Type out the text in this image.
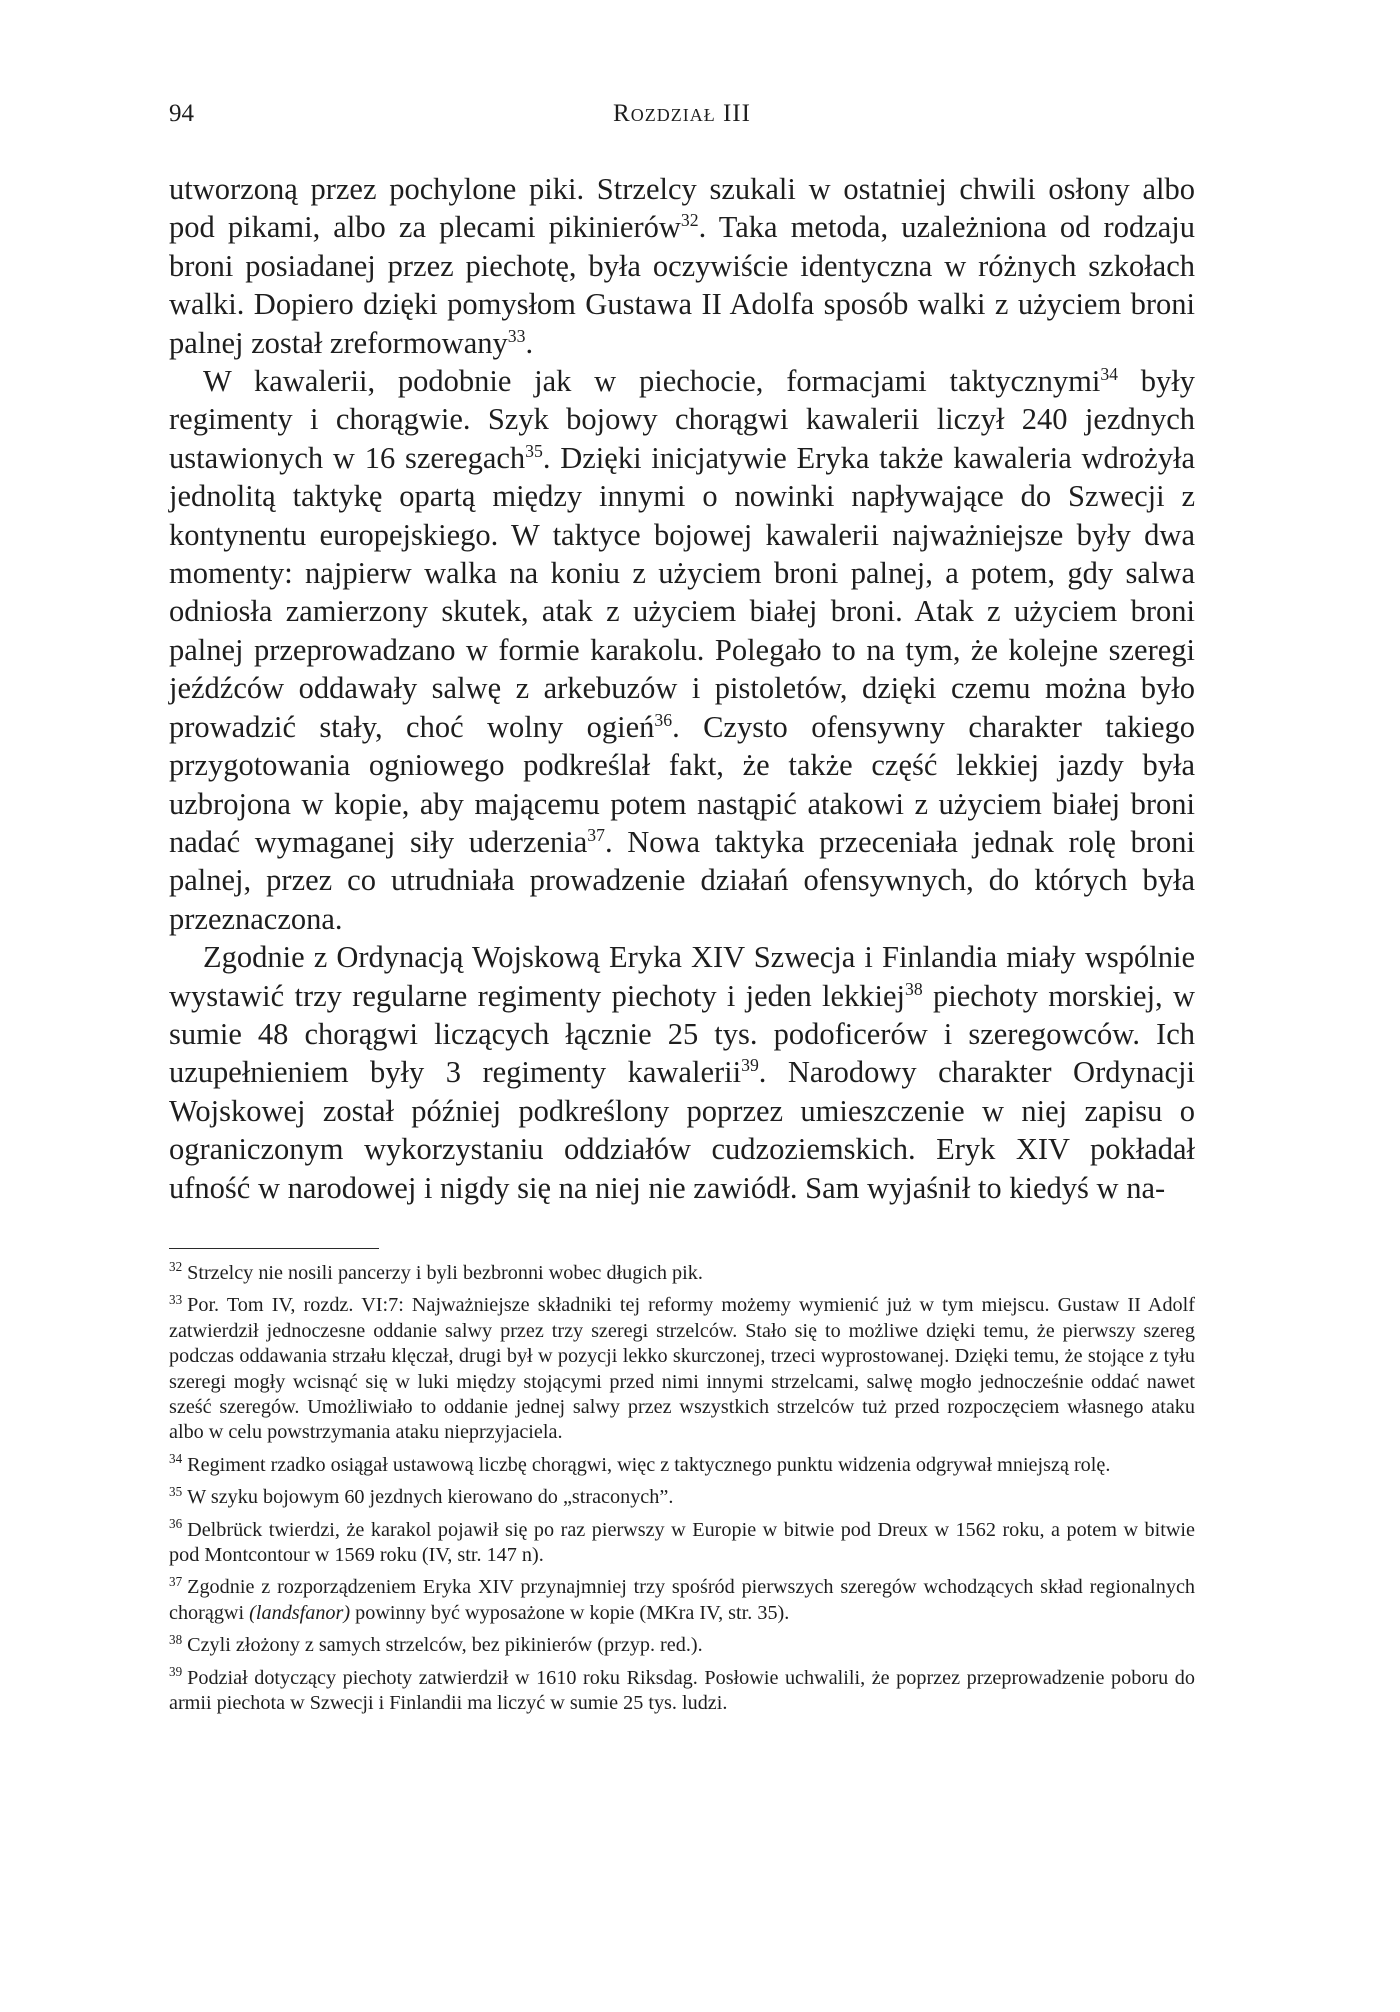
94	Rozdział III

utworzoną przez pochylone piki. Strzelcy szukali w ostatniej chwili osłony albo pod pikami, albo za plecami pikinierów$^{32}$. Taka metoda, uzależniona od rodzaju broni posiadanej przez piechotę, była oczywiście identyczna w różnych szkołach walki. Dopiero dzięki pomysłom Gustawa II Adolfa sposób walki z użyciem broni palnej został zreformowany$^{33}$.

W kawalerii, podobnie jak w piechocie, formacjami taktycznymi$^{34}$ były regimenty i chorągwie. Szyk bojowy chorągwi kawalerii liczył 240 jezdnych ustawionych w 16 szeregach$^{35}$. Dzięki inicjatywie Eryka także kawaleria wdrożyła jednolitą taktykę opartą między innymi o nowinki napływające do Szwecji z kontynentu europejskiego. W taktyce bojowej kawalerii najważniejsze były dwa momenty: najpierw walka na koniu z użyciem broni palnej, a potem, gdy salwa odniosła zamierzony skutek, atak z użyciem białej broni. Atak z użyciem broni palnej przeprowadzano w formie karakolu. Polegało to na tym, że kolejne szeregi jeźdźców oddawały salwę z arkebuzów i pistoletów, dzięki czemu można było prowadzić stały, choć wolny ogień$^{36}$. Czysto ofensywny charakter takiego przygotowania ogniowego podkreślał fakt, że także część lekkiej jazdy była uzbrojona w kopie, aby mającemu potem nastąpić atakowi z użyciem białej broni nadać wymaganej siły uderzenia$^{37}$. Nowa taktyka przeceniała jednak rolę broni palnej, przez co utrudniała prowadzenie działań ofensywnych, do których była przeznaczona.

Zgodnie z Ordynacją Wojskową Eryka XIV Szwecja i Finlandia miały wspólnie wystawić trzy regularne regimenty piechoty i jeden lekkiej$^{38}$ piechoty morskiej, w sumie 48 chorągwi liczących łącznie 25 tys. podoficerów i szeregowców. Ich uzupełnieniem były 3 regimenty kawalerii$^{39}$. Narodowy charakter Ordynacji Wojskowej został później podkreślony poprzez umieszczenie w niej zapisu o ograniczonym wykorzystaniu oddziałów cudzoziemskich. Eryk XIV pokładał ufność w narodowej i nigdy się na niej nie zawiódł. Sam wyjaśnił to kiedyś w na-

$^{32}$ Strzelcy nie nosili pancerzy i byli bezbronni wobec długich pik.

$^{33}$ Por. Tom IV, rozdz. VI:7: Najważniejsze składniki tej reformy możemy wymienić już w tym miejscu. Gustaw II Adolf zatwierdził jednoczesne oddanie salwy przez trzy szeregi strzelców. Stało się to możliwe dzięki temu, że pierwszy szereg podczas oddawania strzału klęczał, drugi był w pozycji lekko skurczonej, trzeci wyprostowanej. Dzięki temu, że stojące z tyłu szeregi mogły wcisnąć się w luki między stojącymi przed nimi innymi strzelcami, salwę mogło jednocześnie oddać nawet sześć szeregów. Umożliwiało to oddanie jednej salwy przez wszystkich strzelców tuż przed rozpoczęciem własnego ataku albo w celu powstrzymania ataku nieprzyjaciela.

$^{34}$ Regiment rzadko osiągał ustawową liczbę chorągwi, więc z taktycznego punktu widzenia odgrywał mniejszą rolę.

$^{35}$ W szyku bojowym 60 jezdnych kierowano do „straconych”.

$^{36}$ Delbrück twierdzi, że karakol pojawił się po raz pierwszy w Europie w bitwie pod Dreux w 1562 roku, a potem w bitwie pod Montcontour w 1569 roku (IV, str. 147 n).

$^{37}$ Zgodnie z rozporządzeniem Eryka XIV przynajmniej trzy spośród pierwszych szeregów wchodzących skład regionalnych chorągwi (landsfanor) powinny być wyposażone w kopie (MKra IV, str. 35).

$^{38}$ Czyli złożony z samych strzelców, bez pikinierów (przyp. red.).

$^{39}$ Podział dotyczący piechoty zatwierdził w 1610 roku Riksdag. Posłowie uchwalili, że poprzez przeprowadzenie poboru do armii piechota w Szwecji i Finlandii ma liczyć w sumie 25 tys. ludzi.
